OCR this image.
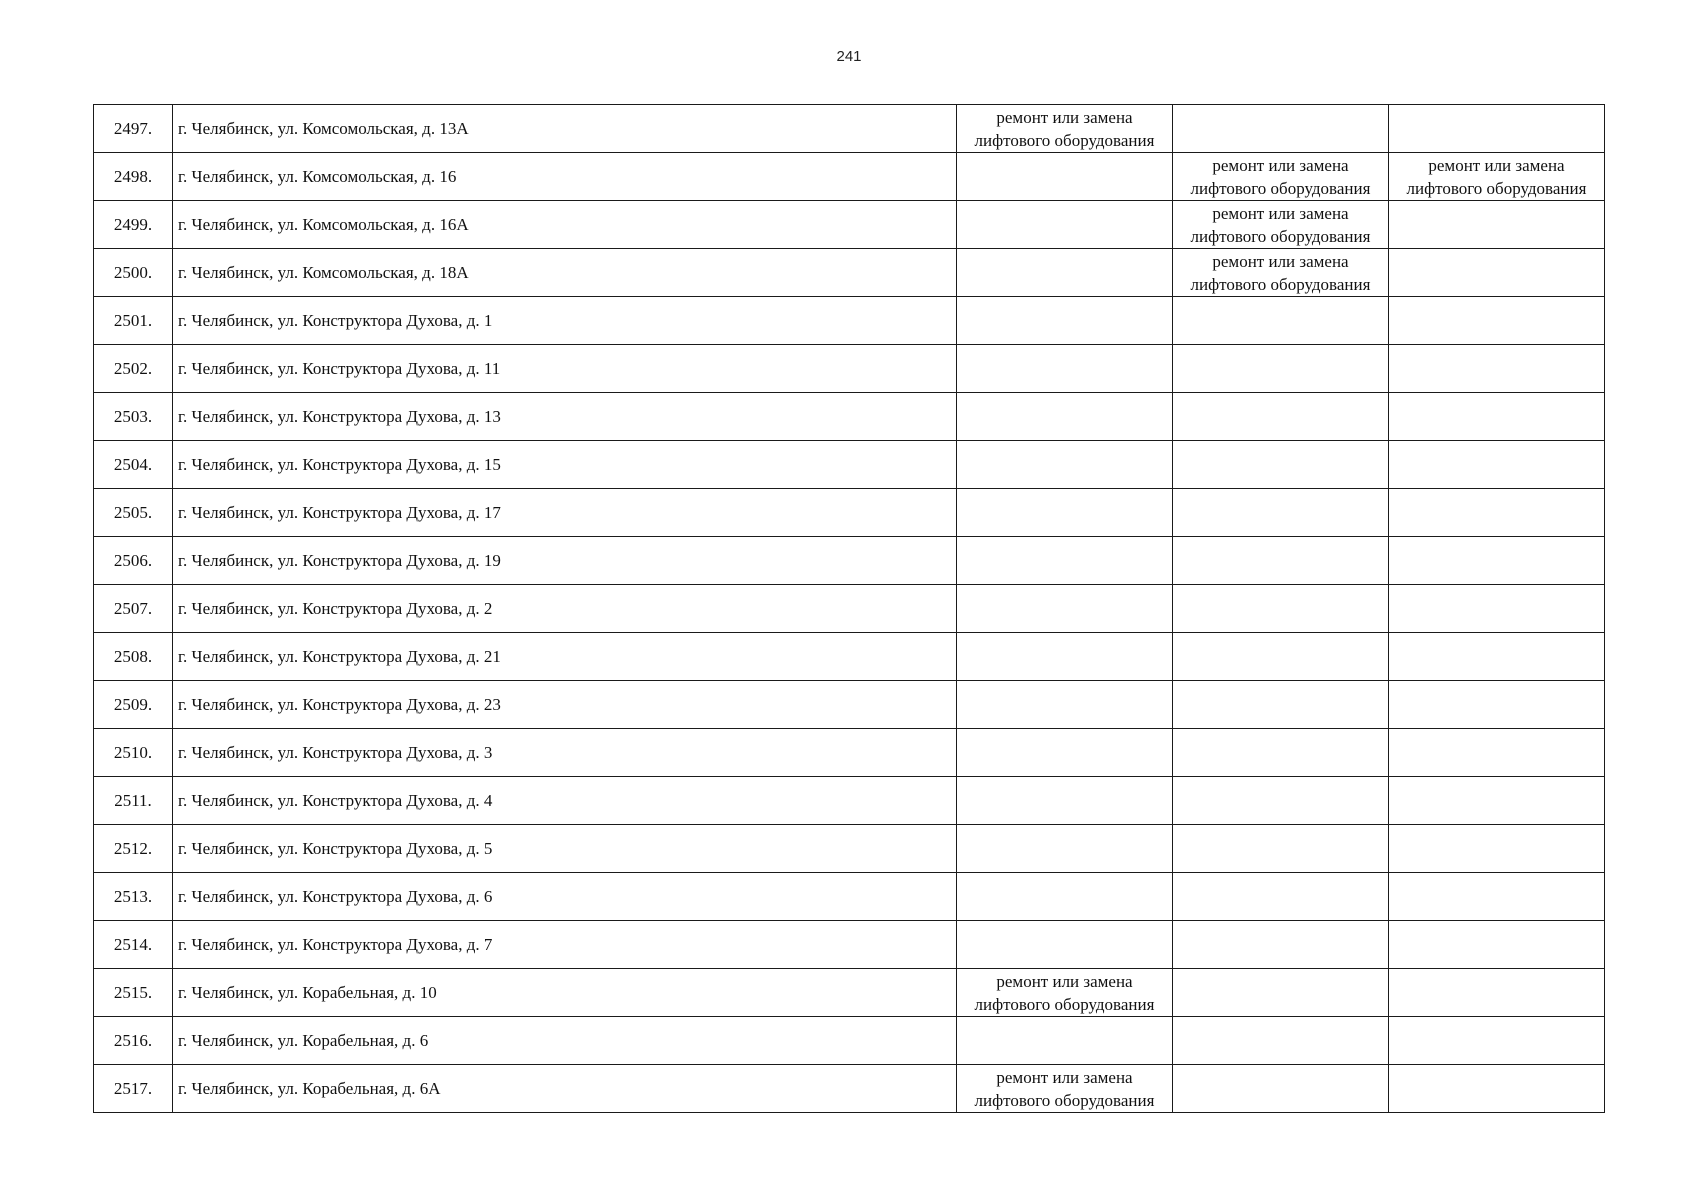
241
2497.	г. Челябинск, ул. Комсомольская, д. 13А	ремонт или замена
лифтового оборудования		
2498.	г. Челябинск, ул. Комсомольская, д. 16		ремонт или замена
лифтового оборудования	ремонт или замена
лифтового оборудования
2499.	г. Челябинск, ул. Комсомольская, д. 16А		ремонт или замена
лифтового оборудования	
2500.	г. Челябинск, ул. Комсомольская, д. 18А		ремонт или замена
лифтового оборудования	
2501.	г. Челябинск, ул. Конструктора Духова, д. 1			
2502.	г. Челябинск, ул. Конструктора Духова, д. 11			
2503.	г. Челябинск, ул. Конструктора Духова, д. 13			
2504.	г. Челябинск, ул. Конструктора Духова, д. 15			
2505.	г. Челябинск, ул. Конструктора Духова, д. 17			
2506.	г. Челябинск, ул. Конструктора Духова, д. 19			
2507.	г. Челябинск, ул. Конструктора Духова, д. 2			
2508.	г. Челябинск, ул. Конструктора Духова, д. 21			
2509.	г. Челябинск, ул. Конструктора Духова, д. 23			
2510.	г. Челябинск, ул. Конструктора Духова, д. 3			
2511.	г. Челябинск, ул. Конструктора Духова, д. 4			
2512.	г. Челябинск, ул. Конструктора Духова, д. 5			
2513.	г. Челябинск, ул. Конструктора Духова, д. 6			
2514.	г. Челябинск, ул. Конструктора Духова, д. 7			
2515.	г. Челябинск, ул. Корабельная, д. 10	ремонт или замена
лифтового оборудования		
2516.	г. Челябинск, ул. Корабельная, д. 6			
2517.	г. Челябинск, ул. Корабельная, д. 6А	ремонт или замена
лифтового оборудования		
